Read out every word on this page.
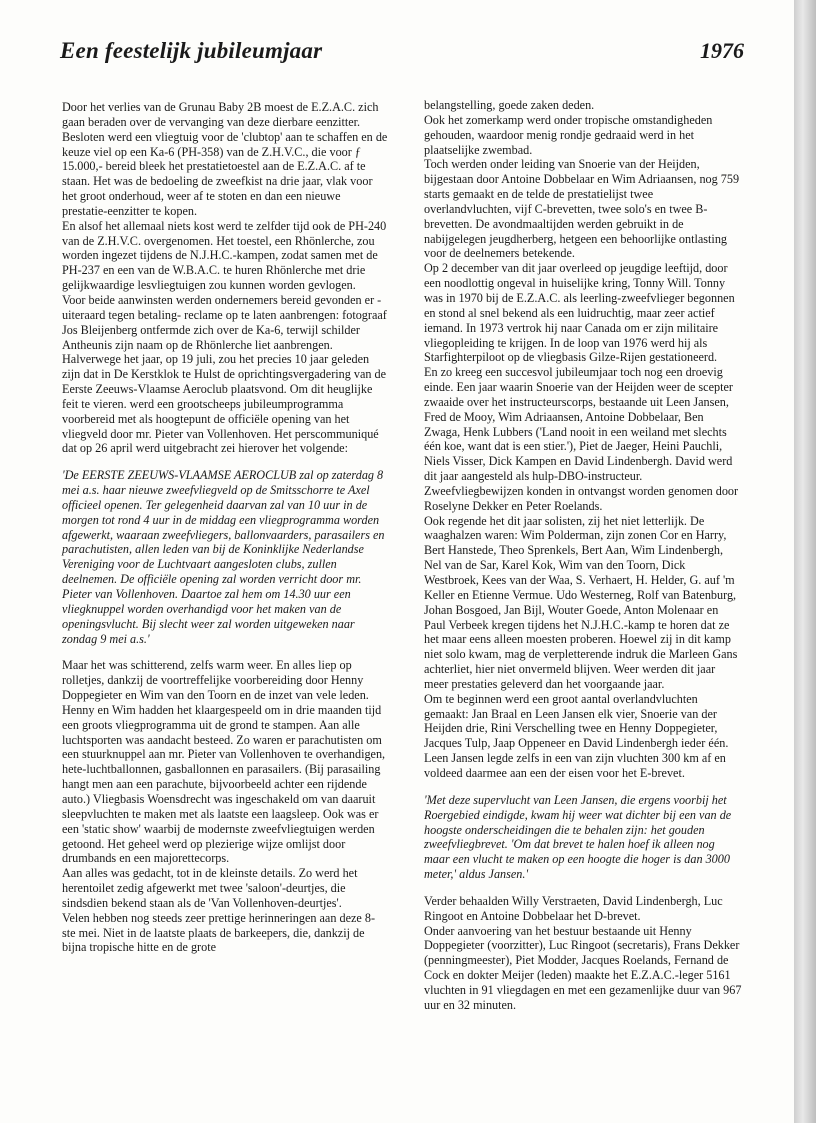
Een feestelijk jubileumjaar	1976

Door het verlies van de Grunau Baby 2B moest de E.Z.A.C. zich gaan beraden over de vervanging van deze dierbare eenzitter. Besloten werd een vliegtuig voor de 'clubtop' aan te schaffen en de keuze viel op een Ka-6 (PH-358) van de Z.H.V.C., die voor ƒ 15.000,- bereid bleek het prestatietoestel aan de E.Z.A.C. af te staan. Het was de bedoeling de zweefkist na drie jaar, vlak voor het groot onderhoud, weer af te stoten en dan een nieuwe prestatie-eenzitter te kopen.

En alsof het allemaal niets kost werd te zelfder tijd ook de PH-240 van de Z.H.V.C. overgenomen. Het toestel, een Rhönlerche, zou worden ingezet tijdens de N.J.H.C.-kampen, zodat samen met de PH-237 en een van de W.B.A.C. te huren Rhönlerche met drie gelijkwaardige lesvliegtuigen zou kunnen worden gevlogen.

Voor beide aanwinsten werden ondernemers bereid gevonden er -uiteraard tegen betaling- reclame op te laten aanbrengen: fotograaf Jos Bleijenberg ontfermde zich over de Ka-6, terwijl schilder Antheunis zijn naam op de Rhönlerche liet aanbrengen.

Halverwege het jaar, op 19 juli, zou het precies 10 jaar geleden zijn dat in De Kerstklok te Hulst de oprichtingsvergadering van de Eerste Zeeuws-Vlaamse Aeroclub plaatsvond. Om dit heuglijke feit te vieren. werd een grootscheeps jubileumprogramma voorbereid met als hoogtepunt de officiële opening van het vliegveld door mr. Pieter van Vollenhoven. Het perscommuniqué dat op 26 april werd uitgebracht zei hierover het volgende:

'De EERSTE ZEEUWS-VLAAMSE AEROCLUB zal op zaterdag 8 mei a.s. haar nieuwe zweefvliegveld op de Smitsschorre te Axel officieel openen. Ter gelegenheid daarvan zal van 10 uur in de morgen tot rond 4 uur in de middag een vliegprogramma worden afgewerkt, waaraan zweefvliegers, ballonvaarders, parasailers en parachutisten, allen leden van bij de Koninklijke Nederlandse Vereniging voor de Luchtvaart aangesloten clubs, zullen deelnemen. De officiële opening zal worden verricht door mr. Pieter van Vollenhoven. Daartoe zal hem om 14.30 uur een vliegknuppel worden overhandigd voor het maken van de openingsvlucht. Bij slecht weer zal worden uitgeweken naar zondag 9 mei a.s.'

Maar het was schitterend, zelfs warm weer. En alles liep op rolletjes, dankzij de voortreffelijke voorbereiding door Henny Doppegieter en Wim van den Toorn en de inzet van vele leden.

Henny en Wim hadden het klaargespeeld om in drie maanden tijd een groots vliegprogramma uit de grond te stampen. Aan alle luchtsporten was aandacht besteed. Zo waren er parachutisten om een stuurknuppel aan mr. Pieter van Vollenhoven te overhandigen, hete-luchtballonnen, gasballonnen en parasailers. (Bij parasailing hangt men aan een parachute, bijvoorbeeld achter een rijdende auto.) Vliegbasis Woensdrecht was ingeschakeld om van daaruit sleepvluchten te maken met als laatste een laagsleep. Ook was er een 'static show' waarbij de modernste zweefvliegtuigen werden getoond. Het geheel werd op plezierige wijze omlijst door drumbands en een majorettecorps.

Aan alles was gedacht, tot in de kleinste details. Zo werd het herentoilet zedig afgewerkt met twee 'saloon'-deurtjes, die sindsdien bekend staan als de 'Van Vollenhoven-deurtjes'.

Velen hebben nog steeds zeer prettige herinneringen aan deze 8-ste mei. Niet in de laatste plaats de barkeepers, die, dankzij de bijna tropische hitte en de grote

belangstelling, goede zaken deden.

Ook het zomerkamp werd onder tropische omstandigheden gehouden, waardoor menig rondje gedraaid werd in het plaatselijke zwembad.

Toch werden onder leiding van Snoerie van der Heijden, bijgestaan door Antoine Dobbelaar en Wim Adriaansen, nog 759 starts gemaakt en de telde de prestatielijst twee overlandvluchten, vijf C-brevetten, twee solo's en twee B-brevetten. De avondmaaltijden werden gebruikt in de nabijgelegen jeugdherberg, hetgeen een behoorlijke ontlasting voor de deelnemers betekende.

Op 2 december van dit jaar overleed op jeugdige leeftijd, door een noodlottig ongeval in huiselijke kring, Tonny Will. Tonny was in 1970 bij de E.Z.A.C. als leerling-zweefvlieger begonnen en stond al snel bekend als een luidruchtig, maar zeer actief iemand. In 1973 vertrok hij naar Canada om er zijn militaire vliegopleiding te krijgen. In de loop van 1976 werd hij als Starfighterpiloot op de vliegbasis Gilze-Rijen gestationeerd.

En zo kreeg een succesvol jubileumjaar toch nog een droevig einde. Een jaar waarin Snoerie van der Heijden weer de scepter zwaaide over het instructeurscorps, bestaande uit Leen Jansen, Fred de Mooy, Wim Adriaansen, Antoine Dobbelaar, Ben Zwaga, Henk Lubbers ('Land nooit in een weiland met slechts één koe, want dat is een stier.'), Piet de Jaeger, Heini Pauchli, Niels Visser, Dick Kampen en David Lindenbergh. David werd dit jaar aangesteld als hulp-DBO-instructeur.

Zweefvliegbewijzen konden in ontvangst worden genomen door Roselyne Dekker en Peter Roelands.

Ook regende het dit jaar solisten, zij het niet letterlijk. De waaghalzen waren: Wim Polderman, zijn zonen Cor en Harry, Bert Hanstede, Theo Sprenkels, Bert Aan, Wim Lindenbergh, Nel van de Sar, Karel Kok, Wim van den Toorn, Dick Westbroek, Kees van der Waa, S. Verhaert, H. Helder, G. auf 'm Keller en Etienne Vermue. Udo Westerneg, Rolf van Batenburg, Johan Bosgoed, Jan Bijl, Wouter Goede, Anton Molenaar en Paul Verbeek kregen tijdens het N.J.H.C.-kamp te horen dat ze het maar eens alleen moesten proberen. Hoewel zij in dit kamp niet solo kwam, mag de verpletterende indruk die Marleen Gans achterliet, hier niet onvermeld blijven. Weer werden dit jaar meer prestaties geleverd dan het voorgaande jaar.

Om te beginnen werd een groot aantal overlandvluchten gemaakt: Jan Braal en Leen Jansen elk vier, Snoerie van der Heijden drie, Rini Verschelling twee en Henny Doppegieter, Jacques Tulp, Jaap Oppeneer en David Lindenbergh ieder één. Leen Jansen legde zelfs in een van zijn vluchten 300 km af en voldeed daarmee aan een der eisen voor het E-brevet.

'Met deze supervlucht van Leen Jansen, die ergens voorbij het Roergebied eindigde, kwam hij weer wat dichter bij een van de hoogste onderscheidingen die te behalen zijn: het gouden zweefvliegbrevet. 'Om dat brevet te halen hoef ik alleen nog maar een vlucht te maken op een hoogte die hoger is dan 3000 meter,' aldus Jansen.'

Verder behaalden Willy Verstraeten, David Lindenbergh, Luc Ringoot en Antoine Dobbelaar het D-brevet.

Onder aanvoering van het bestuur bestaande uit Henny Doppegieter (voorzitter), Luc Ringoot (secretaris), Frans Dekker (penningmeester), Piet Modder, Jacques Roelands, Fernand de Cock en dokter Meijer (leden) maakte het E.Z.A.C.-leger 5161 vluchten in 91 vliegdagen en met een gezamenlijke duur van 967 uur en 32 minuten.
